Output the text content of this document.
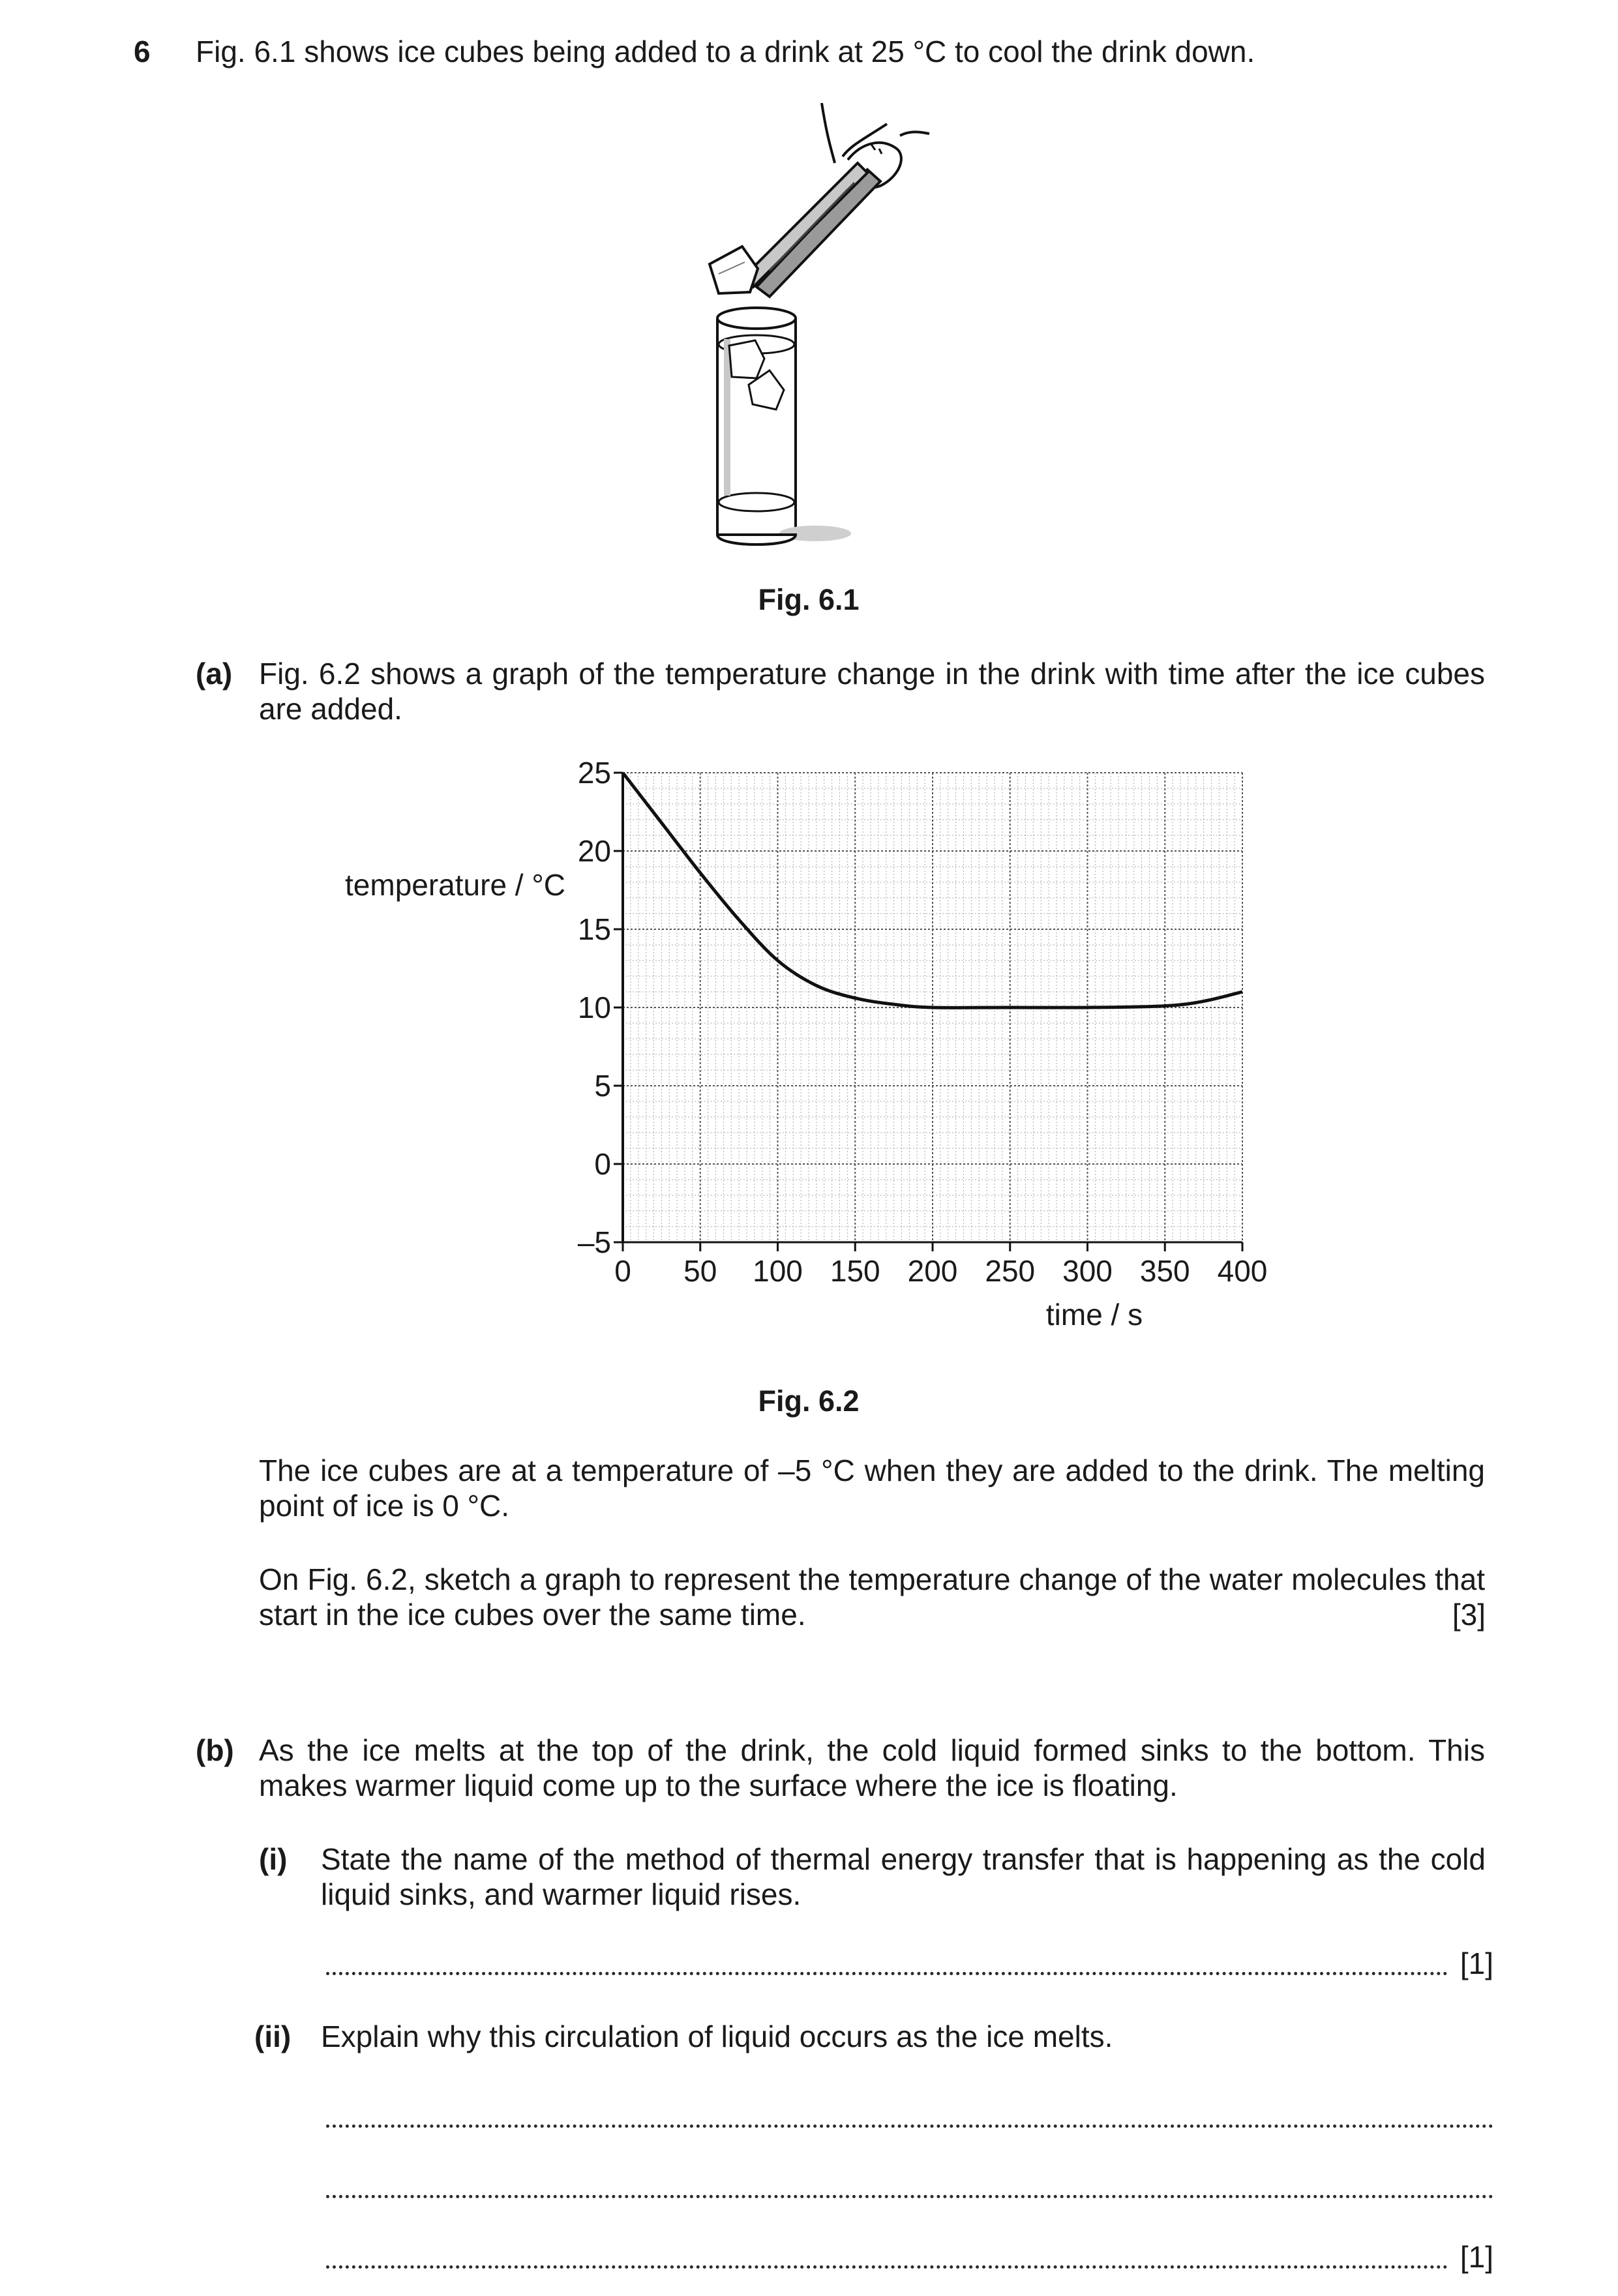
6 Fig. 6.1 shows ice cubes being added to a drink at 25 °C to cool the drink down.
Fig. 6.1
(a) Fig. 6.2 shows a graph of the temperature change in the drink with time after the ice cubes are added.
25
20
15
10
5
0
–5
0 50 100 150 200 250 300 350 400
temperature / °C
time / s
Fig. 6.2
The ice cubes are at a temperature of –5 °C when they are added to the drink. The melting point of ice is 0 °C.
On Fig. 6.2, sketch a graph to represent the temperature change of the water molecules that start in the ice cubes over the same time.	[3]
(b) As the ice melts at the top of the drink, the cold liquid formed sinks to the bottom. This makes warmer liquid come up to the surface where the ice is floating.
(i) State the name of the method of thermal energy transfer that is happening as the cold liquid sinks, and warmer liquid rises.
[1]
(ii) Explain why this circulation of liquid occurs as the ice melts.
[1]
